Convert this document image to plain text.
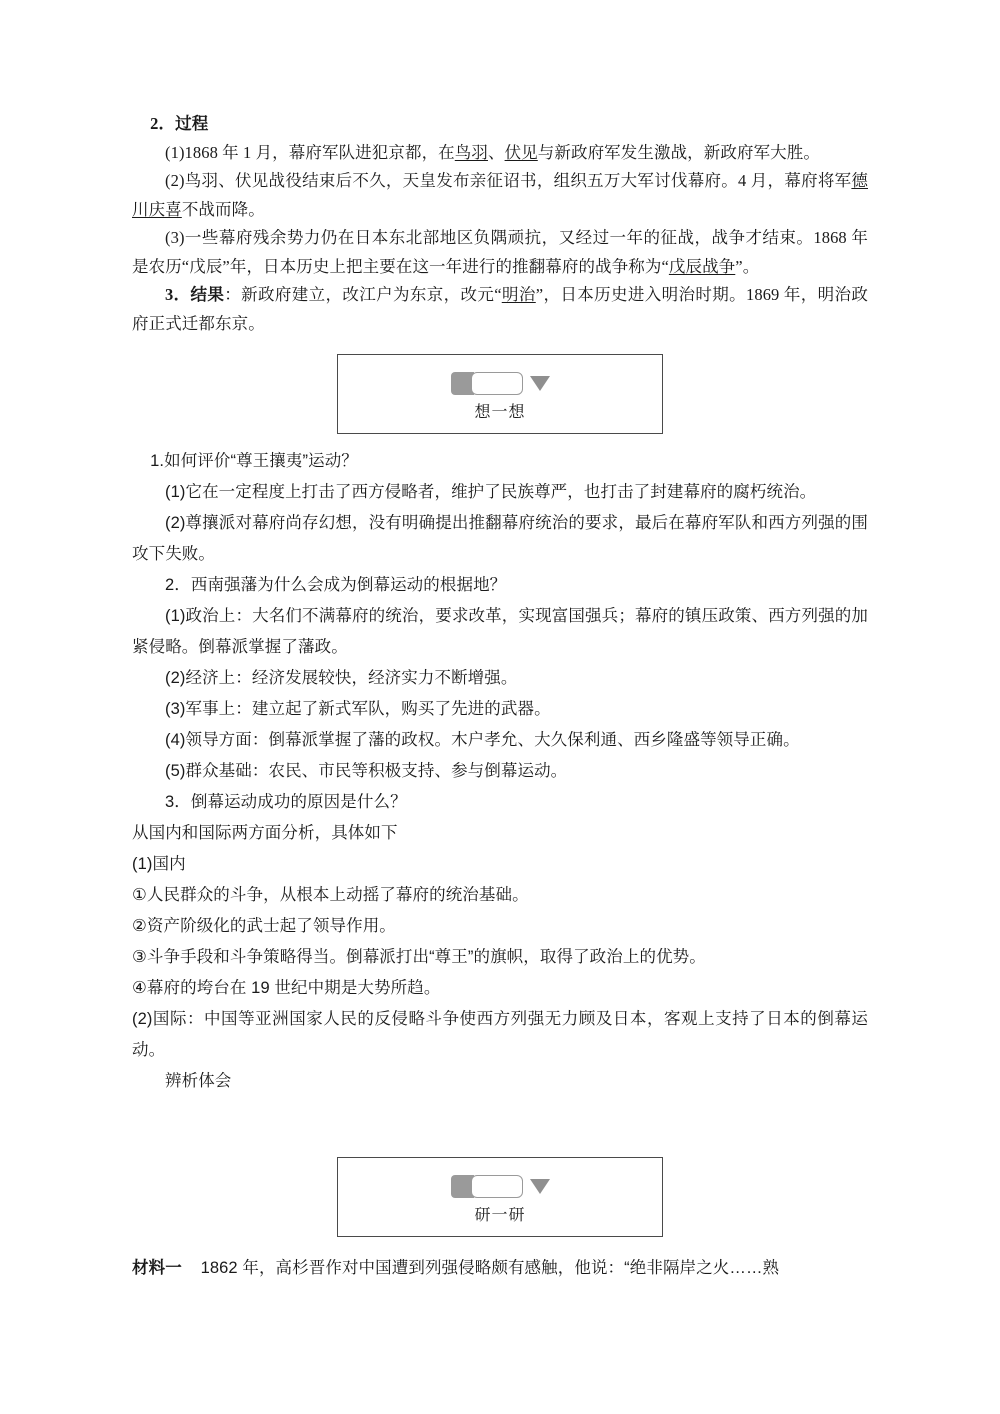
2．过程

(1)1868 年 1 月，幕府军队进犯京都，在鸟羽、伏见与新政府军发生激战，新政府军大胜。

(2)鸟羽、伏见战役结束后不久，天皇发布亲征诏书，组织五万大军讨伐幕府。4 月，幕府将军德川庆喜不战而降。

(3)一些幕府残余势力仍在日本东北部地区负隅顽抗，又经过一年的征战，战争才结束。1868 年是农历“戊辰”年，日本历史上把主要在这一年进行的推翻幕府的战争称为“戊辰战争”。

3．结果：新政府建立，改江户为东京，改元“明治”，日本历史进入明治时期。1869 年，明治政府正式迁都东京。

想一想

1.如何评价“尊王攘夷”运动？

(1)它在一定程度上打击了西方侵略者，维护了民族尊严，也打击了封建幕府的腐朽统治。

(2)尊攘派对幕府尚存幻想，没有明确提出推翻幕府统治的要求，最后在幕府军队和西方列强的围攻下失败。

2．西南强藩为什么会成为倒幕运动的根据地？

(1)政治上：大名们不满幕府的统治，要求改革，实现富国强兵；幕府的镇压政策、西方列强的加紧侵略。倒幕派掌握了藩政。

(2)经济上：经济发展较快，经济实力不断增强。

(3)军事上：建立起了新式军队，购买了先进的武器。

(4)领导方面：倒幕派掌握了藩的政权。木户孝允、大久保利通、西乡隆盛等领导正确。

(5)群众基础：农民、市民等积极支持、参与倒幕运动。

3．倒幕运动成功的原因是什么？

从国内和国际两方面分析，具体如下

(1)国内

①人民群众的斗争，从根本上动摇了幕府的统治基础。

②资产阶级化的武士起了领导作用。

③斗争手段和斗争策略得当。倒幕派打出“尊王”的旗帜，取得了政治上的优势。

④幕府的垮台在 19 世纪中期是大势所趋。

(2)国际：中国等亚洲国家人民的反侵略斗争使西方列强无力顾及日本，客观上支持了日本的倒幕运动。

辨析体会

研一研

材料一 1862 年，高杉晋作对中国遭到列强侵略颇有感触，他说：“绝非隔岸之火……熟
